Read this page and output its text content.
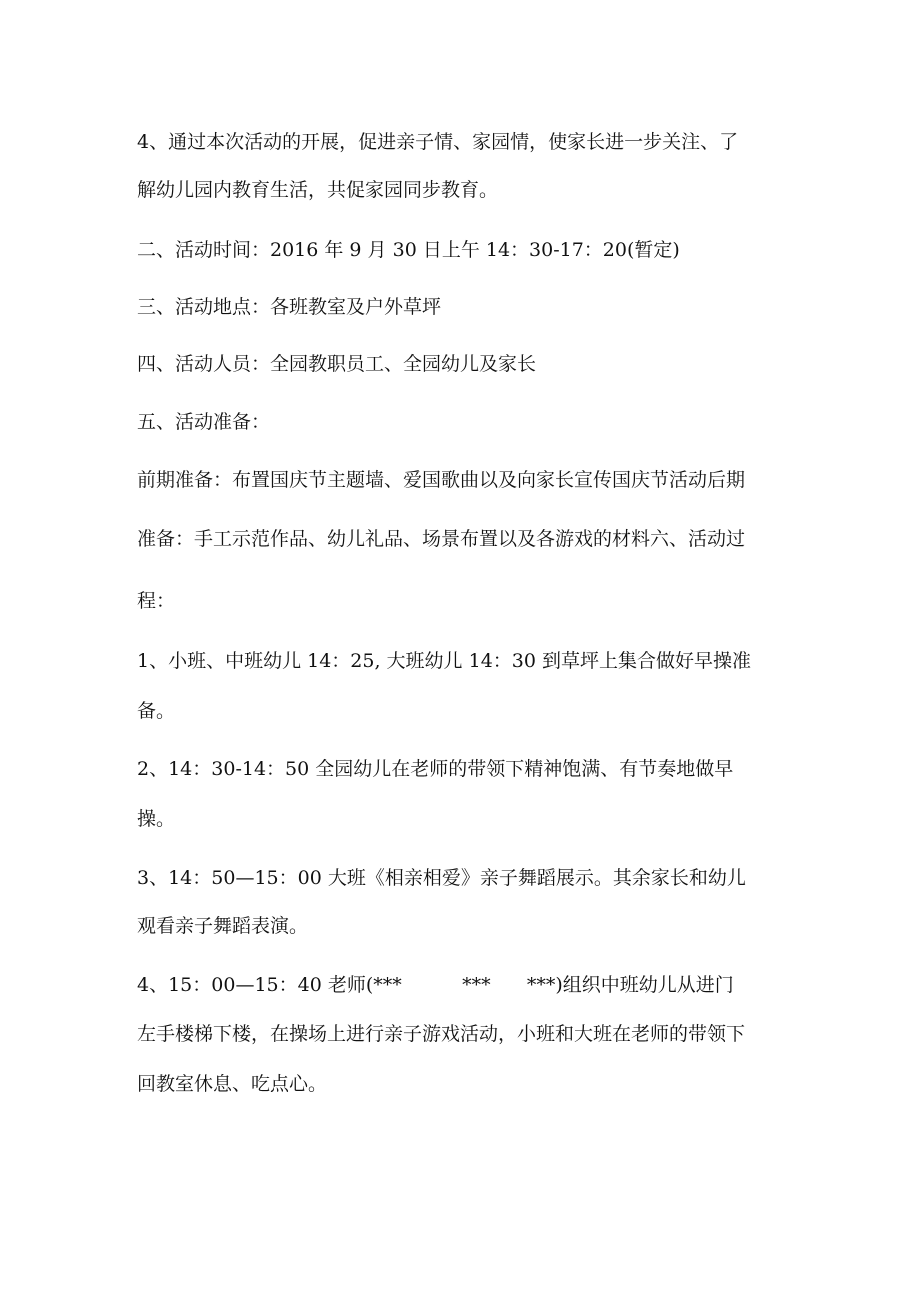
4、通过本次活动的开展，促进亲子情、家园情，使家长进一步关注、了
解幼儿园内教育生活，共促家园同步教育。
二、活动时间：2016 年 9 月 30 日上午 14：30-17：20(暂定)
三、活动地点：各班教室及户外草坪
四、活动人员：全园教职员工、全园幼儿及家长
五、活动准备：
前期准备：布置国庆节主题墙、爱国歌曲以及向家长宣传国庆节活动后期
准备：手工示范作品、幼儿礼品、场景布置以及各游戏的材料六、活动过
程：
1、小班、中班幼儿 14：25, 大班幼儿 14：30 到草坪上集合做好早操准
备。
2、14：30-14：50 全园幼儿在老师的带领下精神饱满、有节奏地做早
操。
3、14：50—15：00 大班《相亲相爱》亲子舞蹈展示。其余家长和幼儿
观看亲子舞蹈表演。
4、15：00—15：40 老师(***          ***      ***)组织中班幼儿从进门
左手楼梯下楼，在操场上进行亲子游戏活动，小班和大班在老师的带领下
回教室休息、吃点心。
